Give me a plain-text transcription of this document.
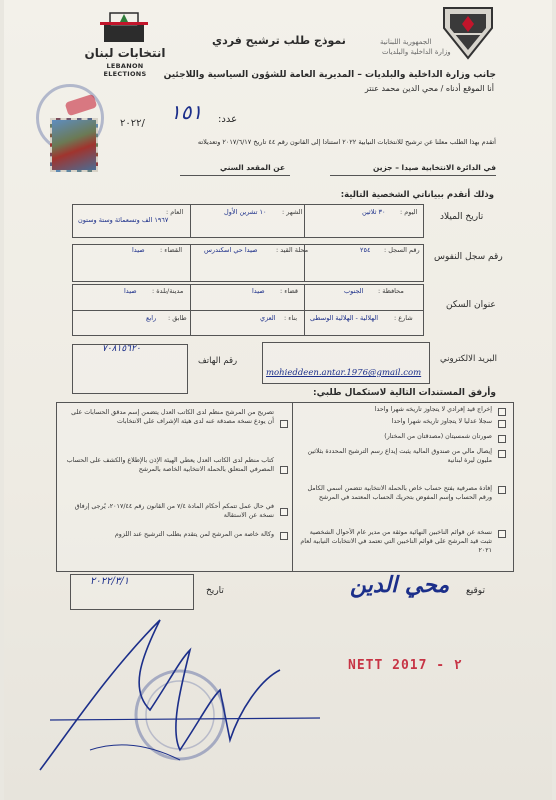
انتخابات لبنان
LEBANON ELECTIONS
نموذج طلب ترشيح فردي	الجمهورية اللبنانية
وزارة الداخلية والبلديات
جانب وزارة الداخلية والبلديات – المديرية العامة للشؤون السياسية واللاجئين
أنا الموقع أدناه / محي الدين محمد عنتر
١٥١ عدد:
٢٠٢٢/
أتقدم بهذا الطلب معلنا عن ترشيح للانتخابات النيابية ٢٠٢٢ استنادا إلى القانون رقم ٤٤ تاريخ ٢٠١٧/٦/١٧ وتعديلاته
في الدائرة الانتخابية صيدا – جزين
عن المقعد السني
وذلك أتقدم ببياناتي الشخصية التالية:
تاريخ الميلاد
اليوم :
٣٠ ثلاثين
الشهر :
١٠ تشرين الأول
العام :
١٩٦٧ الف وتسعمائة وستة وستون
رقم سجل النفوس
رقم السجل :
٢٥٤
محلة القيد :
صيدا حي اسكندرس
القضاء :
صيدا
عنوان السكن
محافظة :
الجنوب
قضاء :
صيدا
مدينة/بلدة :
صيدا
شارع :
الهلالية - الهلالية الوسطى
بناء :
العزي
طابق :
رابع
البريد الالكتروني
mohieddeen.antar.1976@gmail.com
رقم الهاتف
٧٠٨١٥٦٢٠
وأرفق المستندات التالية لاستكمال طلبي:
إخراج قيد إفرادي لا يتجاوز تاريخه شهرا واحدا
سجلا عدليا لا يتجاوز تاريخه شهرا واحدا
صورتان شمسيتان (مصدقتان من المختار)
إيصال مالي من صندوق المالية يثبت إيداع رسم الترشيح المحددة بثلاثين مليون ليرة لبنانية
إفادة مصرفية بفتح حساب خاص بالحملة الانتخابية تتضمن اسمي الكامل ورقم الحساب وإسم المفوض بتحريك الحساب المعتمد في المرشح
نسخة عن قوائم الناخبين النهائية موثقة من مدير عام الأحوال الشخصية تثبت قيد المرشح على قوائم الناخبين التي تعتمد في الانتخابات النيابية لعام ٢٠٢١
تصريح من المرشح منظم لدى الكاتب العدل يتضمن إسم مدقق الحسابات على أن يودع نسخة مصدقة عنه لدى هيئة الإشراف على الانتخابات
كتاب منظم لدى الكاتب العدل يعطي الهيئة الإذن بالإطلاع والكشف على الحساب المصرفي المتعلق بالحملة الانتخابية الخاصة بالمرشح
في حال عمل تتمكم أحكام المادة ٧/٤ من القانون رقم ٢٠١٧/٤٤، يُرجى إرفاق نسخة عن الاستقالة
وكالة خاصة من المرشح لمن يتقدم بطلب الترشيح عند اللزوم
توقيع
محي الدين
تاريخ
٢٠٢٢/٣/١
NETT 2017 - ٢
